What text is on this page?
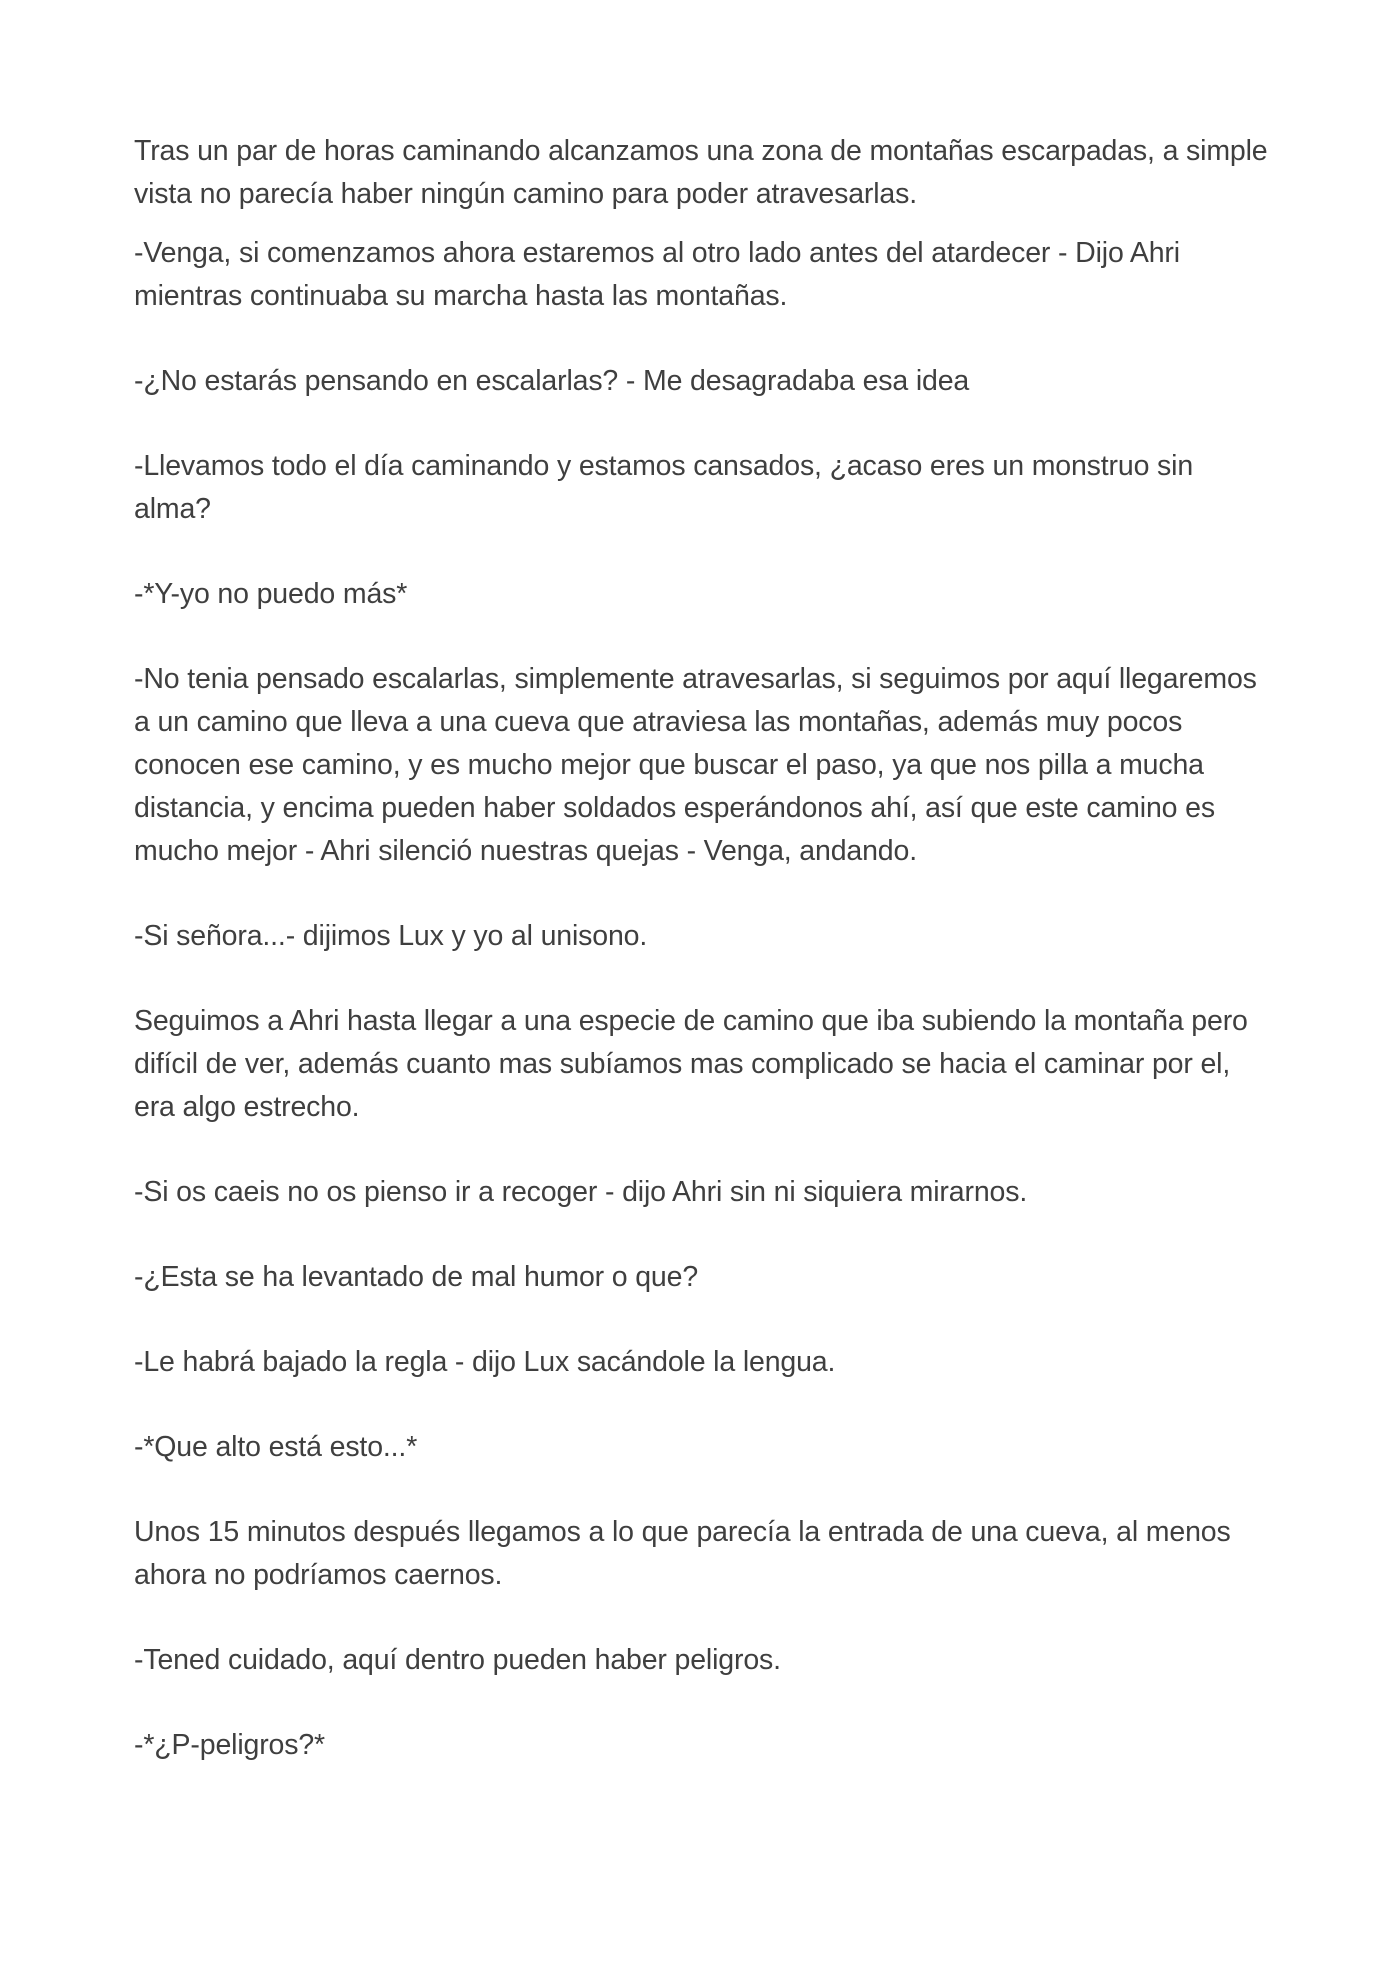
Tras un par de horas caminando alcanzamos una zona de montañas escarpadas, a simple vista no parecía haber ningún camino para poder atravesarlas.

-Venga, si comenzamos ahora estaremos al otro lado antes del atardecer - Dijo Ahri mientras continuaba su marcha hasta las montañas.

-¿No estarás pensando en escalarlas? - Me desagradaba esa idea

-Llevamos todo el día caminando y estamos cansados, ¿acaso eres un monstruo sin alma?

-*Y-yo no puedo más*

-No tenia pensado escalarlas, simplemente atravesarlas, si seguimos por aquí llegaremos a un camino que lleva a una cueva que atraviesa las montañas, además muy pocos conocen ese camino, y es mucho mejor que buscar el paso, ya que nos pilla a mucha distancia, y encima pueden haber soldados esperándonos ahí, así que este camino es mucho mejor - Ahri silenció nuestras quejas - Venga, andando.

-Si señora...- dijimos Lux y yo al unisono.

Seguimos a Ahri hasta llegar a una especie de camino que iba subiendo la montaña pero difícil de ver, además cuanto mas subíamos mas complicado se hacia el caminar por el, era algo estrecho.

-Si os caeis no os pienso ir a recoger - dijo Ahri sin ni siquiera mirarnos.

-¿Esta se ha levantado de mal humor o que?

-Le habrá bajado la regla - dijo Lux sacándole la lengua.

-*Que alto está esto...*

Unos 15 minutos después llegamos a lo que parecía la entrada de una cueva, al menos ahora no podríamos caernos.

-Tened cuidado, aquí dentro pueden haber peligros.

-*¿P-peligros?*
